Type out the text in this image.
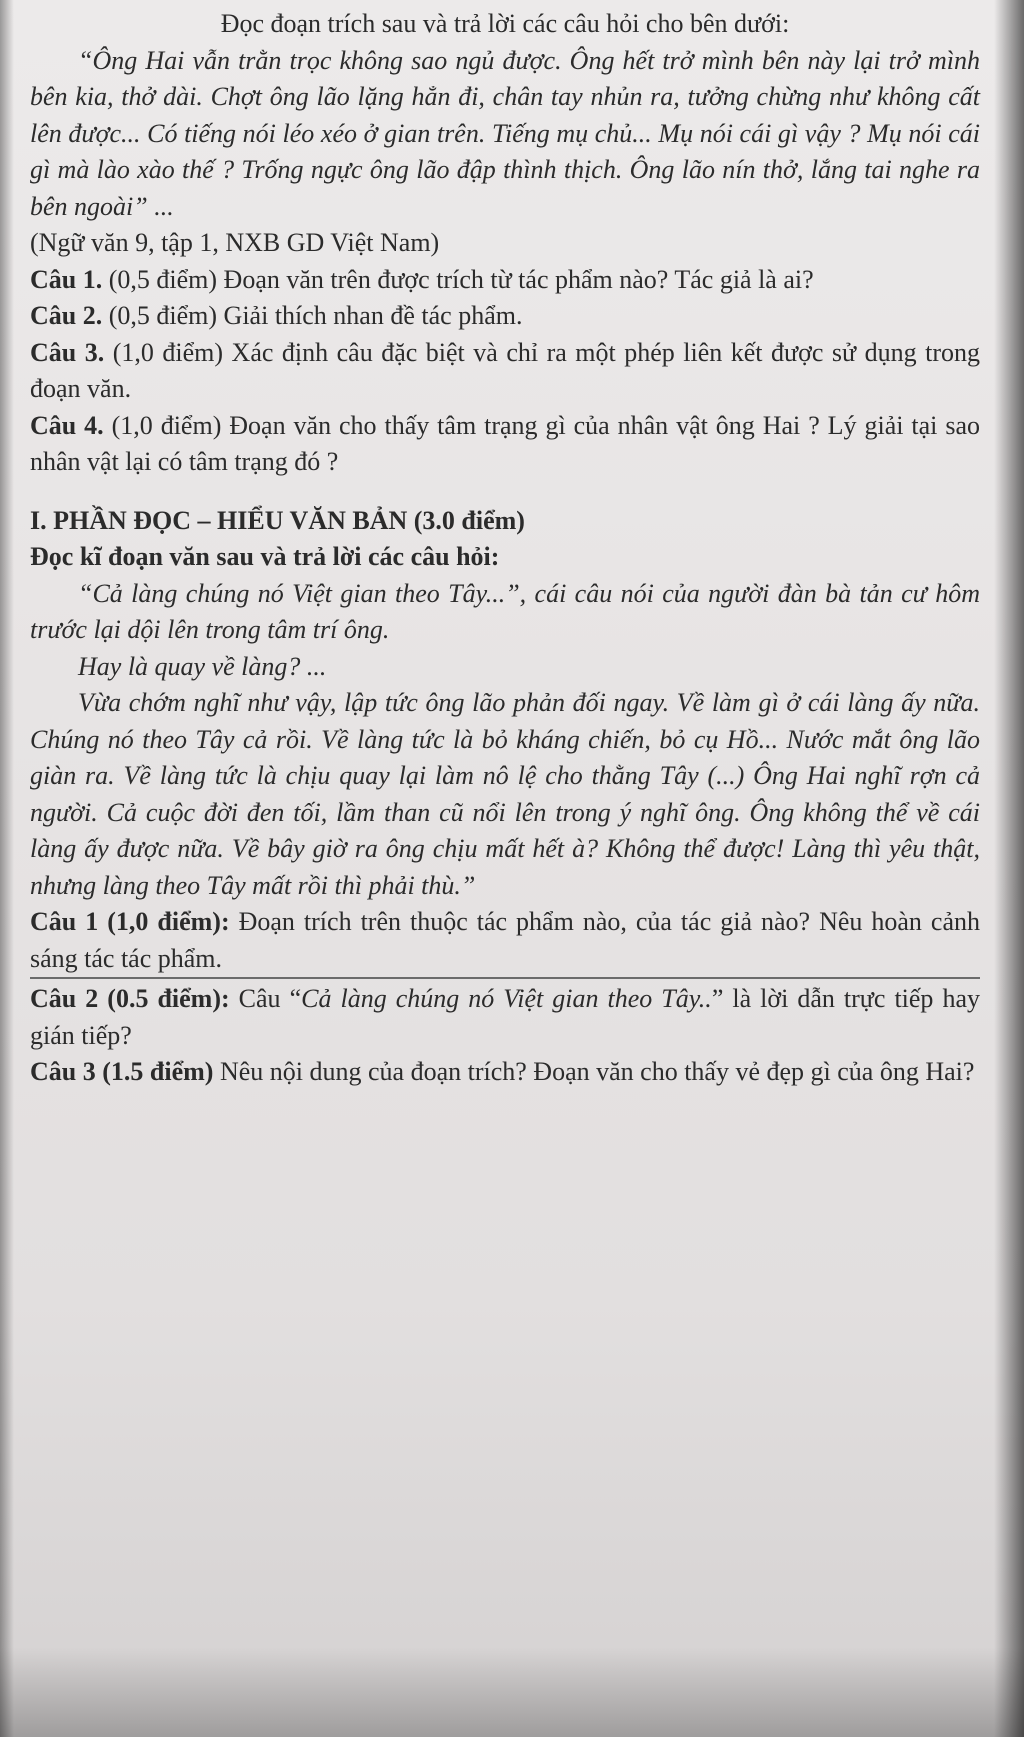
Đọc đoạn trích sau và trả lời các câu hỏi cho bên dưới:

“Ông Hai vẫn trằn trọc không sao ngủ được. Ông hết trở mình bên này lại trở mình bên kia, thở dài. Chợt ông lão lặng hẳn đi, chân tay nhủn ra, tưởng chừng như không cất lên được... Có tiếng nói léo xéo ở gian trên. Tiếng mụ chủ... Mụ nói cái gì vậy ? Mụ nói cái gì mà lào xào thế ? Trống ngực ông lão đập thình thịch. Ông lão nín thở, lắng tai nghe ra bên ngoài” ...

(Ngữ văn 9, tập 1, NXB GD Việt Nam)

Câu 1. (0,5 điểm) Đoạn văn trên được trích từ tác phẩm nào? Tác giả là ai?

Câu 2. (0,5 điểm) Giải thích nhan đề tác phẩm.

Câu 3. (1,0 điểm) Xác định câu đặc biệt và chỉ ra một phép liên kết được sử dụng trong đoạn văn.

Câu 4. (1,0 điểm) Đoạn văn cho thấy tâm trạng gì của nhân vật ông Hai ? Lý giải tại sao nhân vật lại có tâm trạng đó ?

I. PHẦN ĐỌC – HIỂU VĂN BẢN (3.0 điểm)

Đọc kĩ đoạn văn sau và trả lời các câu hỏi:

“Cả làng chúng nó Việt gian theo Tây...”, cái câu nói của người đàn bà tản cư hôm trước lại dội lên trong tâm trí ông.

Hay là quay về làng? ...

Vừa chớm nghĩ như vậy, lập tức ông lão phản đối ngay. Về làm gì ở cái làng ấy nữa. Chúng nó theo Tây cả rồi. Về làng tức là bỏ kháng chiến, bỏ cụ Hồ... Nước mắt ông lão giàn ra. Về làng tức là chịu quay lại làm nô lệ cho thằng Tây (...) Ông Hai nghĩ rợn cả người. Cả cuộc đời đen tối, lầm than cũ nổi lên trong ý nghĩ ông. Ông không thể về cái làng ấy được nữa. Về bây giờ ra ông chịu mất hết à? Không thể được! Làng thì yêu thật, nhưng làng theo Tây mất rồi thì phải thù.”

Câu 1 (1,0 điểm): Đoạn trích trên thuộc tác phẩm nào, của tác giả nào? Nêu hoàn cảnh sáng tác tác phẩm.

Câu 2 (0.5 điểm): Câu “Cả làng chúng nó Việt gian theo Tây..” là lời dẫn trực tiếp hay gián tiếp?

Câu 3 (1.5 điểm) Nêu nội dung của đoạn trích? Đoạn văn cho thấy vẻ đẹp gì của ông Hai?
